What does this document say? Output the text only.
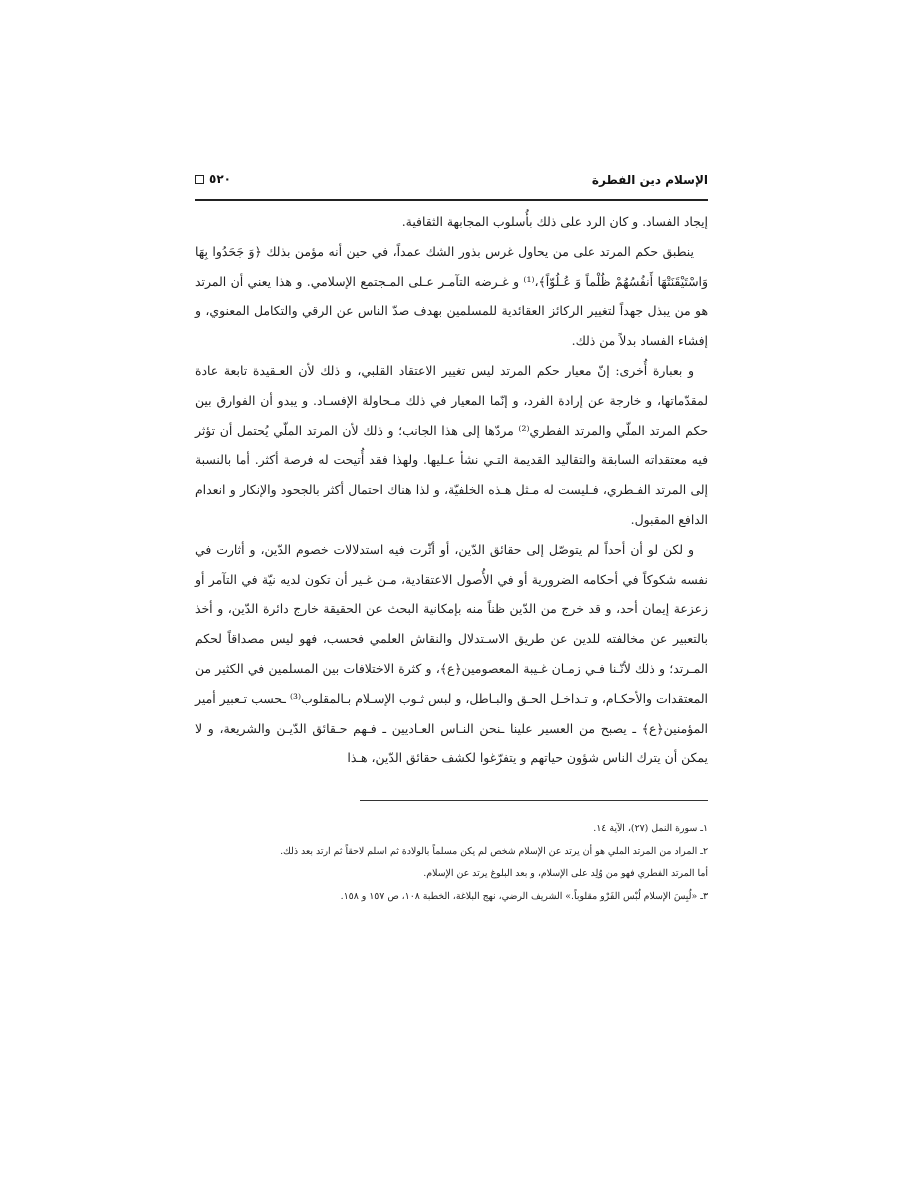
الإسلام دين الفطرة
٥٢٠

إيجاد الفساد. و كان الرد على ذلك بأُسلوب المجابهة الثقافية.

ينطبق حكم المرتد على من يحاول غرس بذور الشك عمداً، في حين أنه مؤمن بذلك ﴿وَ جَحَدُوا بِهَا وَاسْتَيْقَنَتْهَا أَنفُسُهُمْ ظُلْماً وَ عُـلُوّاً﴾،⁽¹⁾ و غـرضه التآمـر عـلى المـجتمع الإسلامي. و هذا يعني أن المرتد هو من يبذل جهداً لتغيير الركائز العقائدية للمسلمين بهدف صدّ الناس عن الرقي والتكامل المعنوي، و إفشاء الفساد بدلاً من ذلك.

و بعبارة أُخرى: إنّ معيار حكم المرتد ليس تغيير الاعتقاد القلبي، و ذلك لأن العـقيدة تابعة عادة لمقدّماتها، و خارجة عن إرادة الفرد، و إنّما المعيار في ذلك مـحاولة الإفسـاد. و يبدو أن الفوارق بين حكم المرتد الملّي والمرتد الفطري⁽²⁾ مردّها إلى هذا الجانب؛ و ذلك لأن المرتد الملّي يُحتمل أن تؤثر فيه معتقداته السابقة والتقاليد القديمة التـي نشأ عـليها. ولهذا فقد أُتيحت له فرصة أكثر. أما بالنسبة إلى المرتد الفـطري، فـليست له مـثل هـذه الخلفيّة، و لذا هناك احتمال أكثر بالجحود والإنكار و انعدام الدافع المقبول.

و لكن لو أن أحداً لم يتوصّل إلى حقائق الدّين، أو أثّرت فيه استدلالات خصوم الدّين، و أثارت في نفسه شكوكاً في أحكامه الضرورية أو في الأُصول الاعتقادية، مـن غـير أن تكون لديه نيّة في التآمر أو زعزعة إيمان أحد، و قد خرج من الدّين ظناً منه بإمكانية البحث عن الحقيقة خارج دائرة الدّين، و أخذ بالتعبير عن مخالفته للدين عن طريق الاسـتدلال والنقاش العلمي فحسب، فهو ليس مصداقاً لحكم المـرتد؛ و ذلك لأنّـنا فـي زمـان غـيبة المعصومين﴿ع﴾، و كثرة الاختلافات بين المسلمين في الكثير من المعتقدات والأحكـام، و تـداخـل الحـق والبـاطل، و لبس ثـوب الإسـلام بـالمقلوب⁽³⁾ ـحسب تـعبير أمير المؤمنين﴿ع﴾ ـ يصبح من العسير علينا ـنحن النـاس العـاديين ـ فـهم حـقائق الدّيـن والشريعة، و لا يمكن أن يترك الناس شؤون حياتهم و يتفرّغوا لكشف حقائق الدّين، هـذا

١ـ سورة النمل (٢٧)، الآية ١٤.

٢ـ المراد من المرتد الملي هو أن يرتد عن الإسلام شخص لم يكن مسلماً بالولادة ثم اسلم لاحقاً ثم ارتد بعد ذلك.

أما المرتد الفطري فهو من وُلِد على الإسلام، و بعد البلوغ يرتد عن الإسلام.

٣ـ «لُبِسَ الإسلام لُبْس الفَرْو مقلوباً.» الشريف الرضي، نهج البلاغة، الخطبة ١٠٨، ص ١٥٧ و ١٥٨.
